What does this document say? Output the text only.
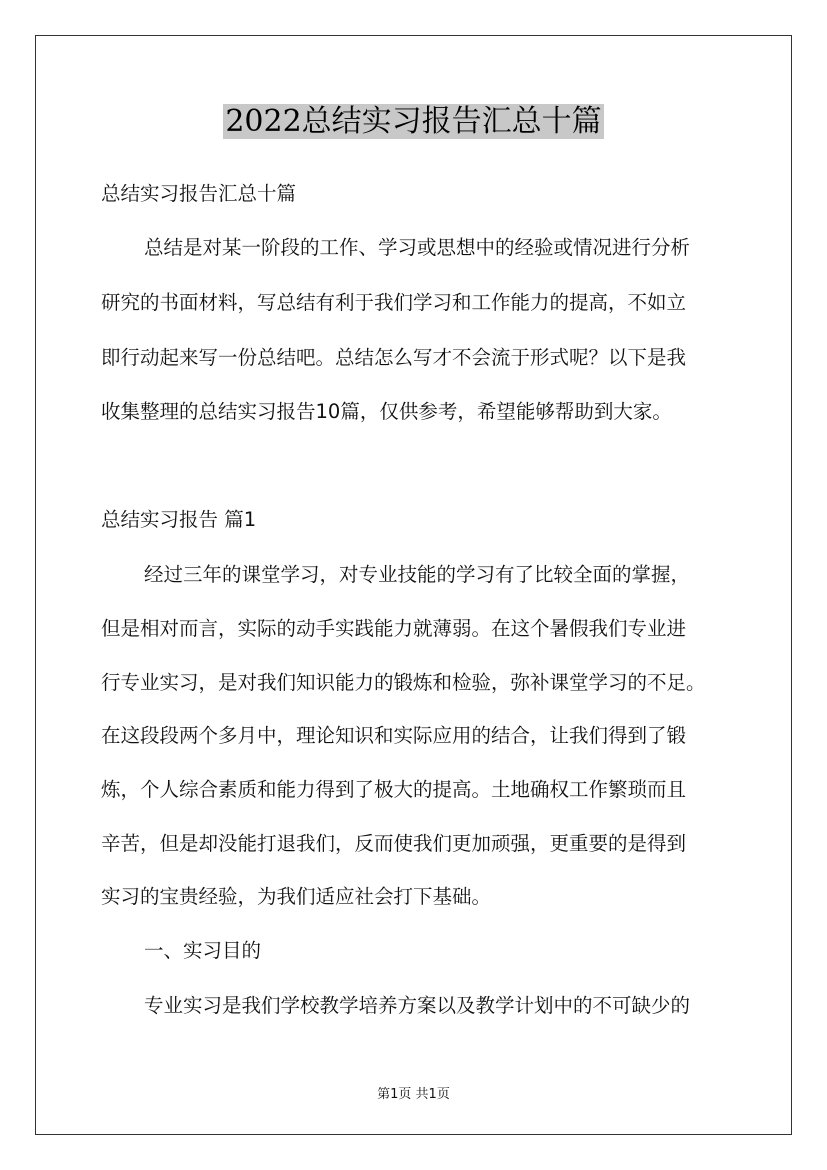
2022总结实习报告汇总十篇
总结实习报告汇总十篇
总结是对某一阶段的工作、学习或思想中的经验或情况进行分析
研究的书面材料，写总结有利于我们学习和工作能力的提高，不如立
即行动起来写一份总结吧。总结怎么写才不会流于形式呢？以下是我
收集整理的总结实习报告10篇，仅供参考，希望能够帮助到大家。
总结实习报告 篇1
经过三年的课堂学习，对专业技能的学习有了比较全面的掌握，
但是相对而言，实际的动手实践能力就薄弱。在这个暑假我们专业进
行专业实习，是对我们知识能力的锻炼和检验，弥补课堂学习的不足。
在这段段两个多月中，理论知识和实际应用的结合，让我们得到了锻
炼，个人综合素质和能力得到了极大的提高。土地确权工作繁琐而且
辛苦，但是却没能打退我们，反而使我们更加顽强，更重要的是得到
实习的宝贵经验，为我们适应社会打下基础。
一、实习目的
专业实习是我们学校教学培养方案以及教学计划中的不可缺少的
第1页 共1页
